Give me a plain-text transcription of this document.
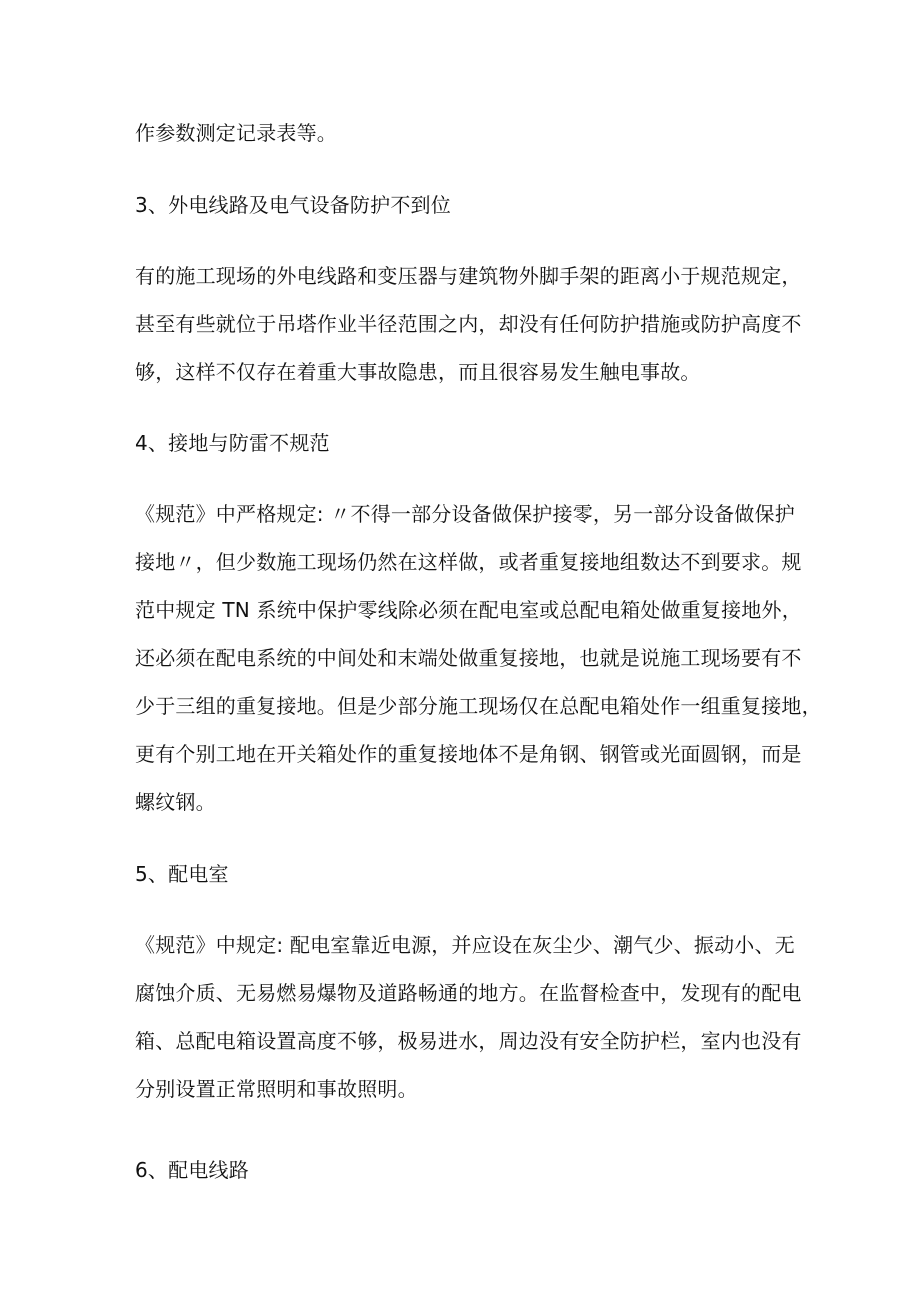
作参数测定记录表等。
3、外电线路及电气设备防护不到位
有的施工现场的外电线路和变压器与建筑物外脚手架的距离小于规范规定，
甚至有些就位于吊塔作业半径范围之内，却没有任何防护措施或防护高度不
够，这样不仅存在着重大事故隐患，而且很容易发生触电事故。
4、接地与防雷不规范
《规范》中严格规定: 〃不得一部分设备做保护接零，另一部分设备做保护
接地〃，但少数施工现场仍然在这样做，或者重复接地组数达不到要求。规
范中规定 TN 系统中保护零线除必须在配电室或总配电箱处做重复接地外，
还必须在配电系统的中间处和末端处做重复接地，也就是说施工现场要有不
少于三组的重复接地。但是少部分施工现场仅在总配电箱处作一组重复接地，
更有个别工地在开关箱处作的重复接地体不是角钢、钢管或光面圆钢，而是
螺纹钢。
5、配电室
《规范》中规定: 配电室靠近电源，并应设在灰尘少、潮气少、振动小、无
腐蚀介质、无易燃易爆物及道路畅通的地方。在监督检查中，发现有的配电
箱、总配电箱设置高度不够，极易进水，周边没有安全防护栏，室内也没有
分别设置正常照明和事故照明。
6、配电线路
